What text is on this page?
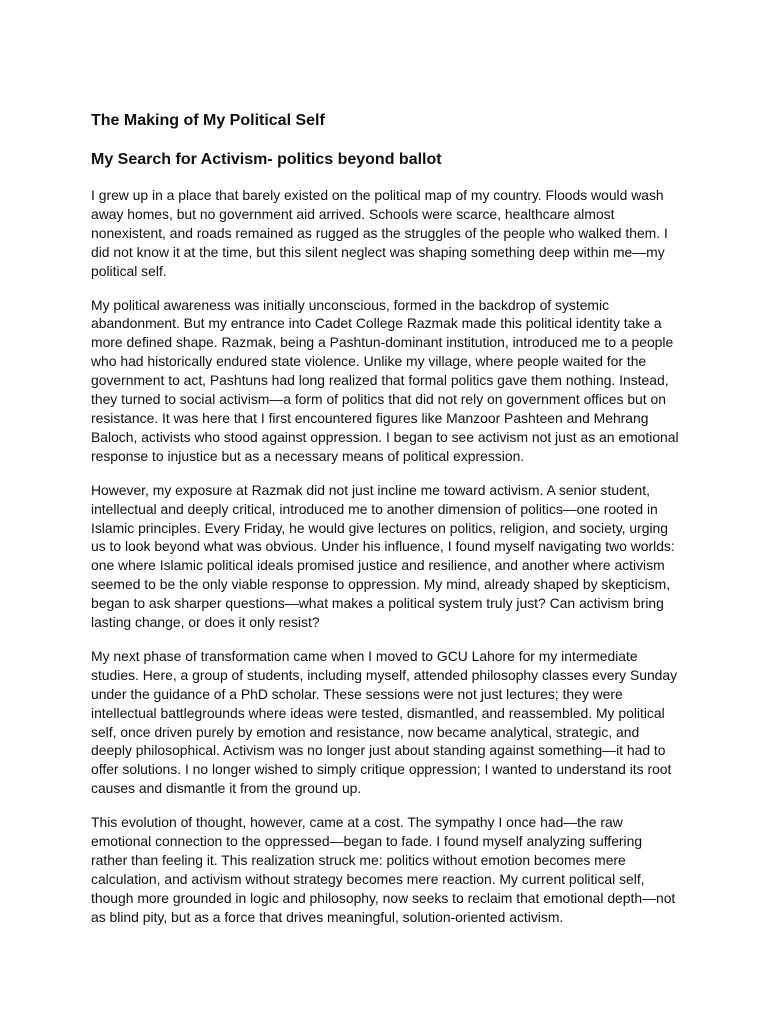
The Making of My Political Self
My Search for Activism- politics beyond ballot

I grew up in a place that barely existed on the political map of my country. Floods would wash away homes, but no government aid arrived. Schools were scarce, healthcare almost nonexistent, and roads remained as rugged as the struggles of the people who walked them. I did not know it at the time, but this silent neglect was shaping something deep within me—my political self.

My political awareness was initially unconscious, formed in the backdrop of systemic abandonment. But my entrance into Cadet College Razmak made this political identity take a more defined shape. Razmak, being a Pashtun-dominant institution, introduced me to a people who had historically endured state violence. Unlike my village, where people waited for the government to act, Pashtuns had long realized that formal politics gave them nothing. Instead, they turned to social activism—a form of politics that did not rely on government offices but on resistance. It was here that I first encountered figures like Manzoor Pashteen and Mehrang Baloch, activists who stood against oppression. I began to see activism not just as an emotional response to injustice but as a necessary means of political expression.

However, my exposure at Razmak did not just incline me toward activism. A senior student, intellectual and deeply critical, introduced me to another dimension of politics—one rooted in Islamic principles. Every Friday, he would give lectures on politics, religion, and society, urging us to look beyond what was obvious. Under his influence, I found myself navigating two worlds: one where Islamic political ideals promised justice and resilience, and another where activism seemed to be the only viable response to oppression. My mind, already shaped by skepticism, began to ask sharper questions—what makes a political system truly just? Can activism bring lasting change, or does it only resist?

My next phase of transformation came when I moved to GCU Lahore for my intermediate studies. Here, a group of students, including myself, attended philosophy classes every Sunday under the guidance of a PhD scholar. These sessions were not just lectures; they were intellectual battlegrounds where ideas were tested, dismantled, and reassembled. My political self, once driven purely by emotion and resistance, now became analytical, strategic, and deeply philosophical. Activism was no longer just about standing against something—it had to offer solutions. I no longer wished to simply critique oppression; I wanted to understand its root causes and dismantle it from the ground up.

This evolution of thought, however, came at a cost. The sympathy I once had—the raw emotional connection to the oppressed—began to fade. I found myself analyzing suffering rather than feeling it. This realization struck me: politics without emotion becomes mere calculation, and activism without strategy becomes mere reaction. My current political self, though more grounded in logic and philosophy, now seeks to reclaim that emotional depth—not as blind pity, but as a force that drives meaningful, solution-oriented activism.
